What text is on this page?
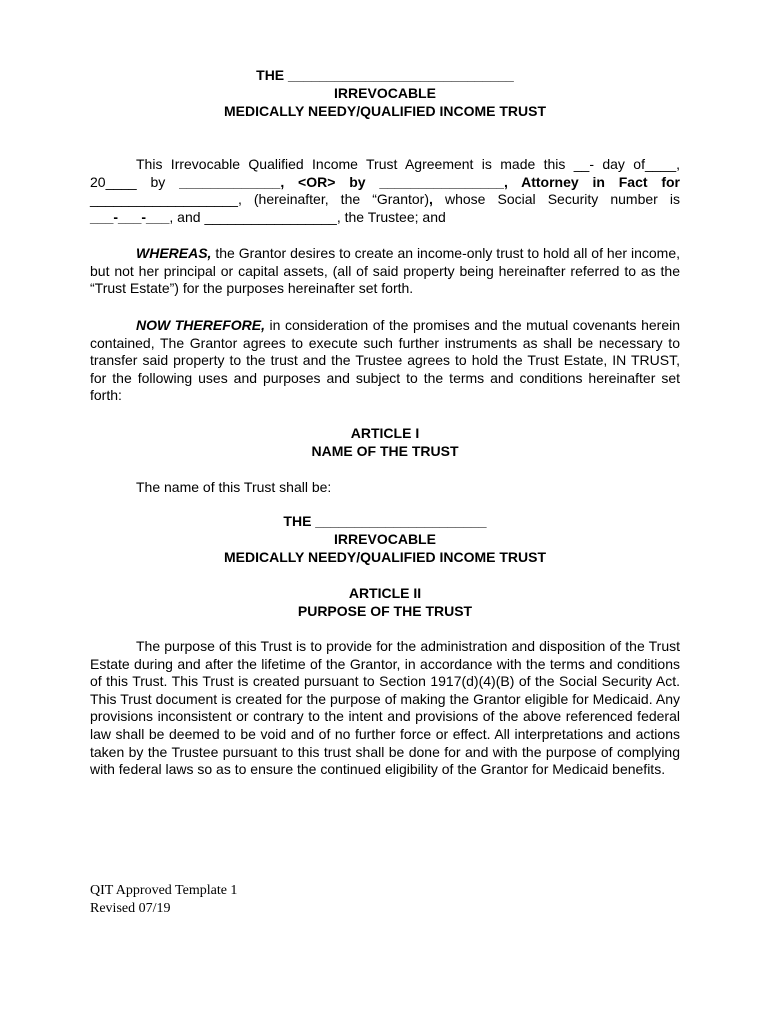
THE _____________________________
IRREVOCABLE
MEDICALLY NEEDY/QUALIFIED INCOME TRUST
This Irrevocable Qualified Income Trust Agreement is made this __- day of____,
20____ by _____________, <OR> by ________________, Attorney in Fact for
___________________, (hereinafter, the “Grantor), whose Social Security number is
___-___-___, and _________________, the Trustee; and
WHEREAS, the Grantor desires to create an income-only trust to hold all of her income, but not her principal or capital assets, (all of said property being hereinafter referred to as the “Trust Estate”) for the purposes hereinafter set forth.
NOW THEREFORE, in consideration of the promises and the mutual covenants herein contained, The Grantor agrees to execute such further instruments as shall be necessary to transfer said property to the trust and the Trustee agrees to hold the Trust Estate, IN TRUST, for the following uses and purposes and subject to the terms and conditions hereinafter set forth:
ARTICLE I
NAME OF THE TRUST
The name of this Trust shall be:
THE ______________________
IRREVOCABLE
MEDICALLY NEEDY/QUALIFIED INCOME TRUST
ARTICLE II
PURPOSE OF THE TRUST
The purpose of this Trust is to provide for the administration and disposition of the Trust Estate during and after the lifetime of the Grantor, in accordance with the terms and conditions of this Trust. This Trust is created pursuant to Section 1917(d)(4)(B) of the Social Security Act. This Trust document is created for the purpose of making the Grantor eligible for Medicaid. Any provisions inconsistent or contrary to the intent and provisions of the above referenced federal law shall be deemed to be void and of no further force or effect. All interpretations and actions taken by the Trustee pursuant to this trust shall be done for and with the purpose of complying with federal laws so as to ensure the continued eligibility of the Grantor for Medicaid benefits.
QIT Approved Template 1
Revised 07/19
